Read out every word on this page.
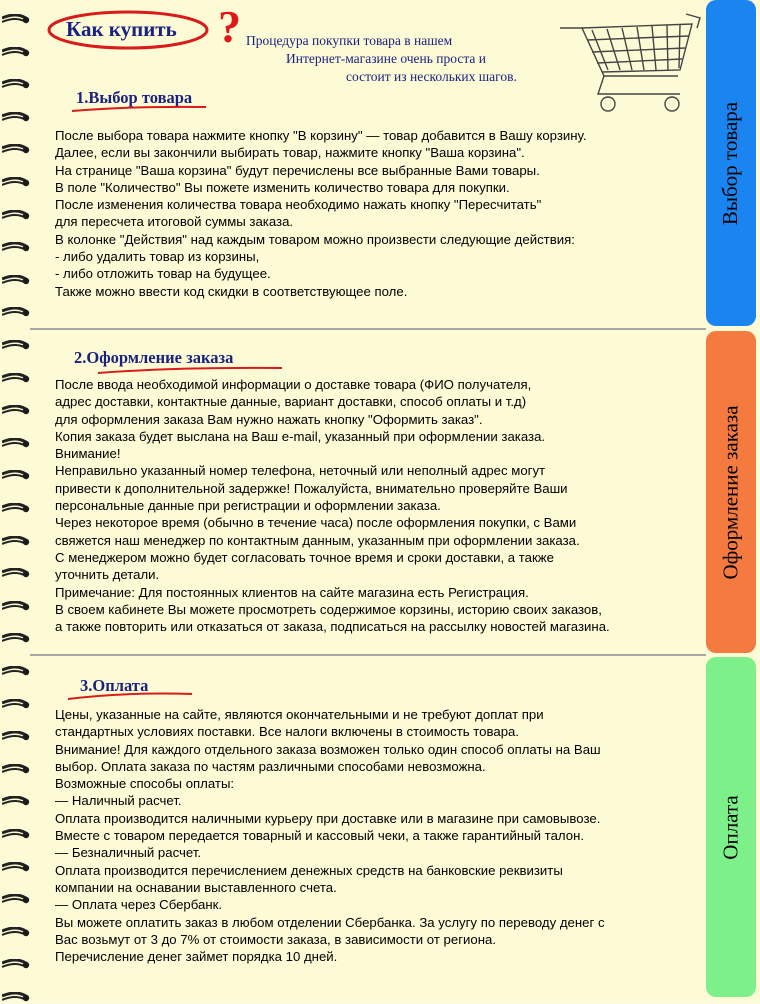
Как купить ? Процедура покупки товара в нашем
Интернет-магазине очень проста и
состоит из нескольких шагов.
1.Выбор товара
После выбора товара нажмите кнопку "В корзину" — товар добавится в Вашу корзину.
Далее, если вы закончили выбирать товар, нажмите кнопку "Ваша корзина".
На странице "Ваша корзина" будут перечислены все выбранные Вами товары.
В поле "Количество" Вы пожете изменить количество товара для покупки.
После изменения количества товара необходимо нажать кнопку "Пересчитать"
для пересчета итоговой суммы заказа.
В колонке "Действия" над каждым товаром можно произвести следующие действия:
- либо удалить товар из корзины,
- либо отложить товар на будущее.
Также можно ввести код скидки в соответствующее поле.
2.Оформление заказа
После ввода необходимой информации о доставке товара (ФИО получателя,
адрес доставки, контактные данные, вариант доставки, способ оплаты и т.д)
для оформления заказа Вам нужно нажать кнопку "Оформить заказ".
Копия заказа будет выслана на Ваш e-mail, указанный при оформлении заказа.
Внимание!
Неправильно указанный номер телефона, неточный или неполный адрес могут
привести к дополнительной задержке! Пожалуйста, внимательно проверяйте Ваши
персональные данные при регистрации и оформлении заказа.
Через некоторое время (обычно в течение часа) после оформления покупки, с Вами
свяжется наш менеджер по контактным данным, указанным при оформлении заказа.
С менеджером можно будет согласовать точное время и сроки доставки, а также
уточнить детали.
Примечание: Для постоянных клиентов на сайте магазина есть Регистрация.
В своем кабинете Вы можете просмотреть содержимое корзины, историю своих заказов,
а также повторить или отказаться от заказа, подписаться на рассылку новостей магазина.
3.Оплата
Цены, указанные на сайте, являются окончательными и не требуют доплат при
стандартных условиях поставки. Все налоги включены в стоимость товара.
Внимание! Для каждого отдельного заказа возможен только один способ оплаты на Ваш
выбор. Оплата заказа по частям различными способами невозможна.
Возможные способы оплаты:
— Наличный расчет.
Оплата производится наличными курьеру при доставке или в магазине при самовывозе.
Вместе с товаром передается товарный и кассовый чеки, а также гарантийный талон.
— Безналичный расчет.
Оплата производится перечислением денежных средств на банковские реквизиты
компании на оснавании выставленного счета.
— Оплата через Сбербанк.
Вы можете оплатить заказ в любом отделении Сбербанка. За услугу по переводу денег с
Вас возьмут от 3 до 7% от стоимости заказа, в зависимости от региона.
Перечисление денег займет порядка 10 дней.
Выбор товара
Оформление заказа
Оплата
